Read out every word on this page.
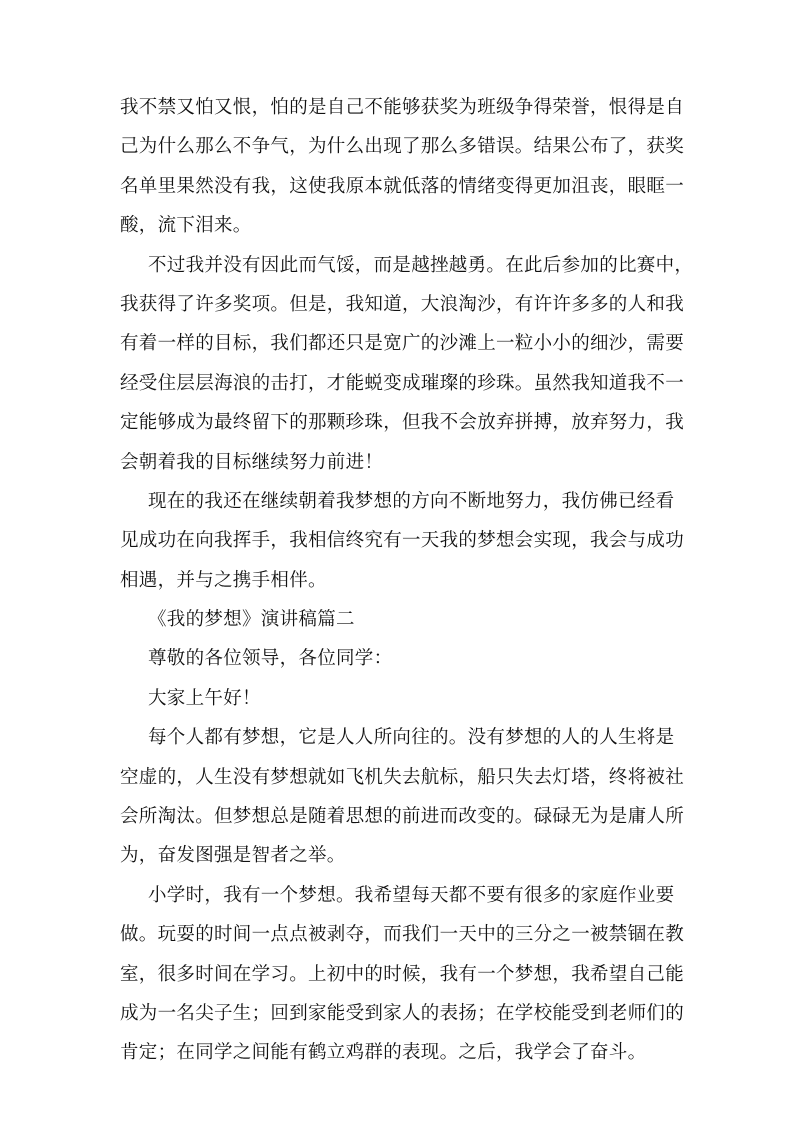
我不禁又怕又恨，怕的是自己不能够获奖为班级争得荣誉，恨得是自
己为什么那么不争气，为什么出现了那么多错误。结果公布了，获奖
名单里果然没有我，这使我原本就低落的情绪变得更加沮丧，眼眶一
酸，流下泪来。
不过我并没有因此而气馁，而是越挫越勇。在此后参加的比赛中，
我获得了许多奖项。但是，我知道，大浪淘沙，有许许多多的人和我
有着一样的目标，我们都还只是宽广的沙滩上一粒小小的细沙，需要
经受住层层海浪的击打，才能蜕变成璀璨的珍珠。虽然我知道我不一
定能够成为最终留下的那颗珍珠，但我不会放弃拼搏，放弃努力，我
会朝着我的目标继续努力前进！
现在的我还在继续朝着我梦想的方向不断地努力，我仿佛已经看
见成功在向我挥手，我相信终究有一天我的梦想会实现，我会与成功
相遇，并与之携手相伴。
《我的梦想》演讲稿篇二
尊敬的各位领导，各位同学：
大家上午好！
每个人都有梦想，它是人人所向往的。没有梦想的人的人生将是
空虚的，人生没有梦想就如飞机失去航标，船只失去灯塔，终将被社
会所淘汰。但梦想总是随着思想的前进而改变的。碌碌无为是庸人所
为，奋发图强是智者之举。
小学时，我有一个梦想。我希望每天都不要有很多的家庭作业要
做。玩耍的时间一点点被剥夺，而我们一天中的三分之一被禁锢在教
室，很多时间在学习。上初中的时候，我有一个梦想，我希望自己能
成为一名尖子生；回到家能受到家人的表扬；在学校能受到老师们的
肯定；在同学之间能有鹤立鸡群的表现。之后，我学会了奋斗。
